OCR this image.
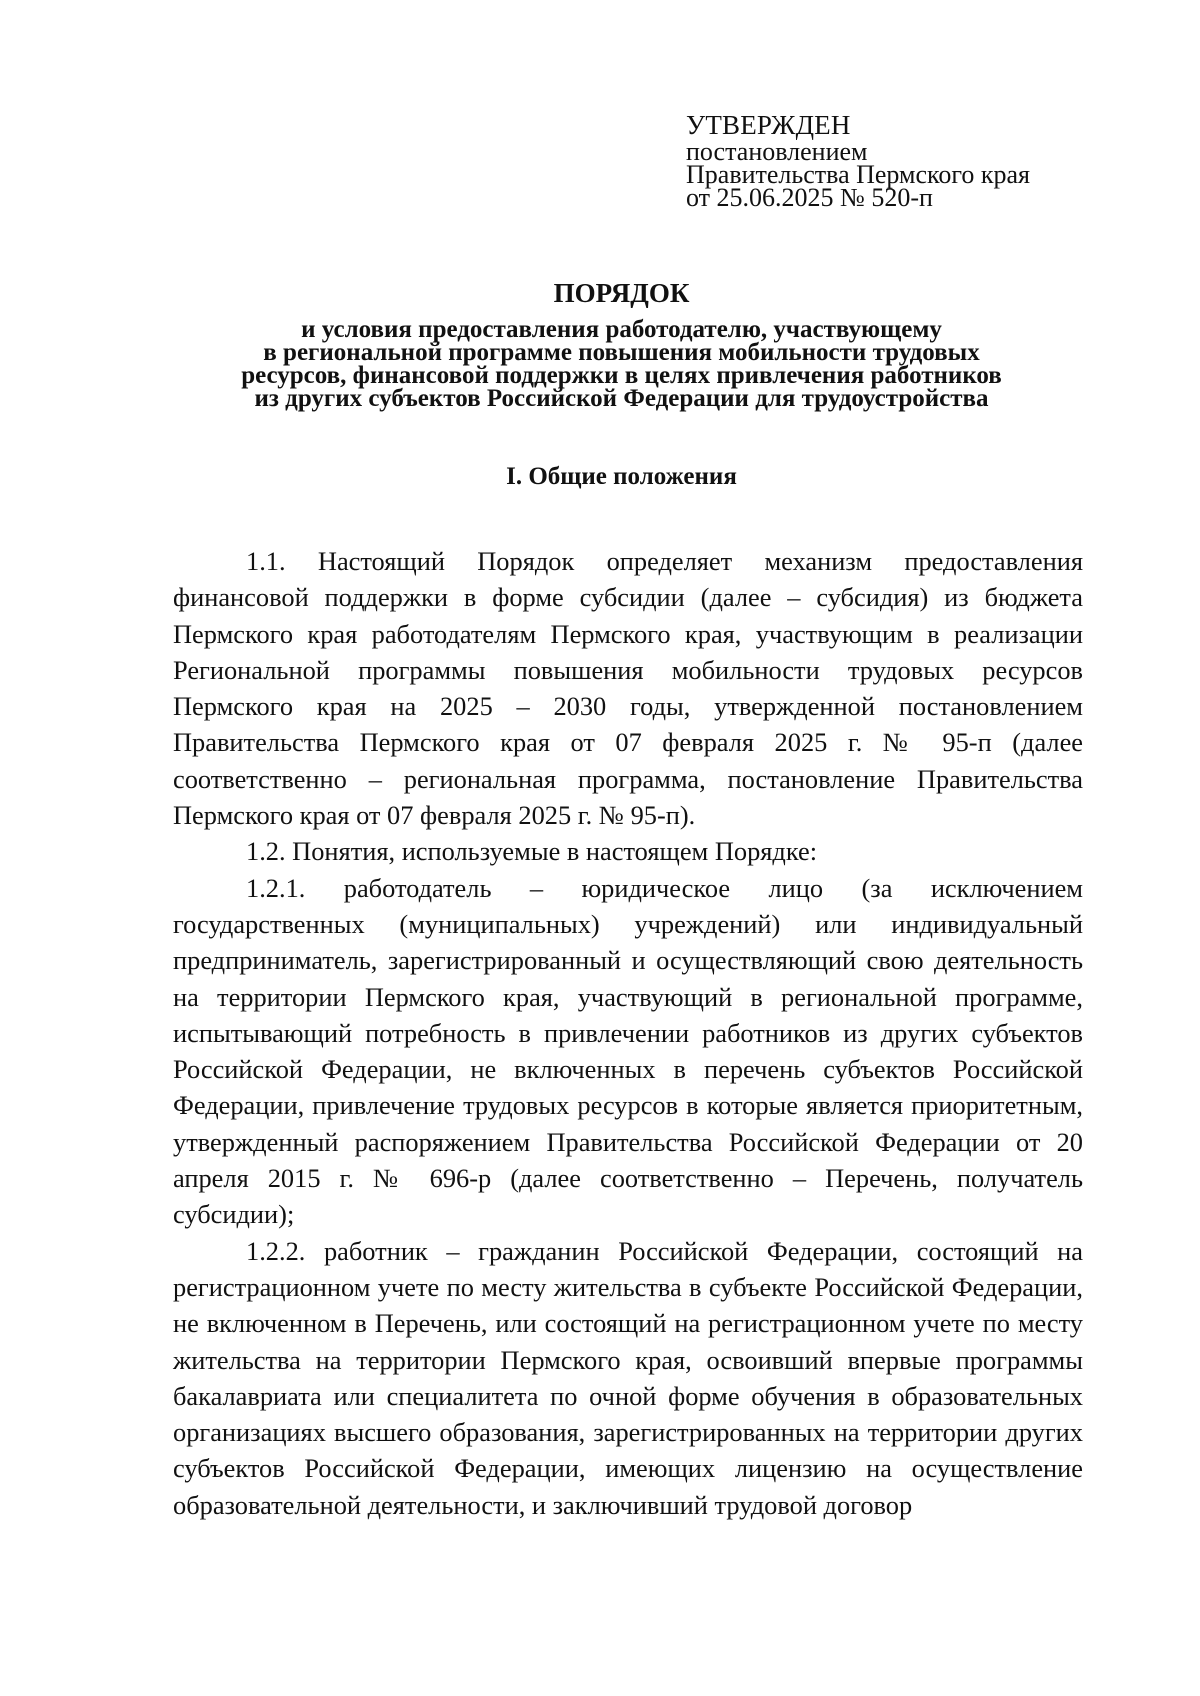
УТВЕРЖДЕН
постановлением
Правительства Пермского края
от 25.06.2025 № 520-п
ПОРЯДОК
и условия предоставления работодателю, участвующему
в региональной программе повышения мобильности трудовых
ресурсов, финансовой поддержки в целях привлечения работников
из других субъектов Российской Федерации для трудоустройства
I. Общие положения

1.1. Настоящий Порядок определяет механизм предоставления финансовой поддержки в форме субсидии (далее – субсидия) из бюджета Пермского края работодателям Пермского края, участвующим в реализации Региональной программы повышения мобильности трудовых ресурсов Пермского края на 2025 – 2030 годы, утвержденной постановлением Правительства Пермского края от 07 февраля 2025 г. № 95-п (далее соответственно – региональная программа, постановление Правительства Пермского края от 07 февраля 2025 г. № 95-п).

1.2. Понятия, используемые в настоящем Порядке:

1.2.1. работодатель – юридическое лицо (за исключением государственных (муниципальных) учреждений) или индивидуальный предприниматель, зарегистрированный и осуществляющий свою деятельность на территории Пермского края, участвующий в региональной программе, испытывающий потребность в привлечении работников из других субъектов Российской Федерации, не включенных в перечень субъектов Российской Федерации, привлечение трудовых ресурсов в которые является приоритетным, утвержденный распоряжением Правительства Российской Федерации от 20 апреля 2015 г. № 696-р (далее соответственно – Перечень, получатель субсидии);

1.2.2. работник – гражданин Российской Федерации, состоящий на регистрационном учете по месту жительства в субъекте Российской Федерации, не включенном в Перечень, или состоящий на регистрационном учете по месту жительства на территории Пермского края, освоивший впервые программы бакалавриата или специалитета по очной форме обучения в образовательных организациях высшего образования, зарегистрированных на территории других субъектов Российской Федерации, имеющих лицензию на осуществление образовательной деятельности, и заключивший трудовой договор
